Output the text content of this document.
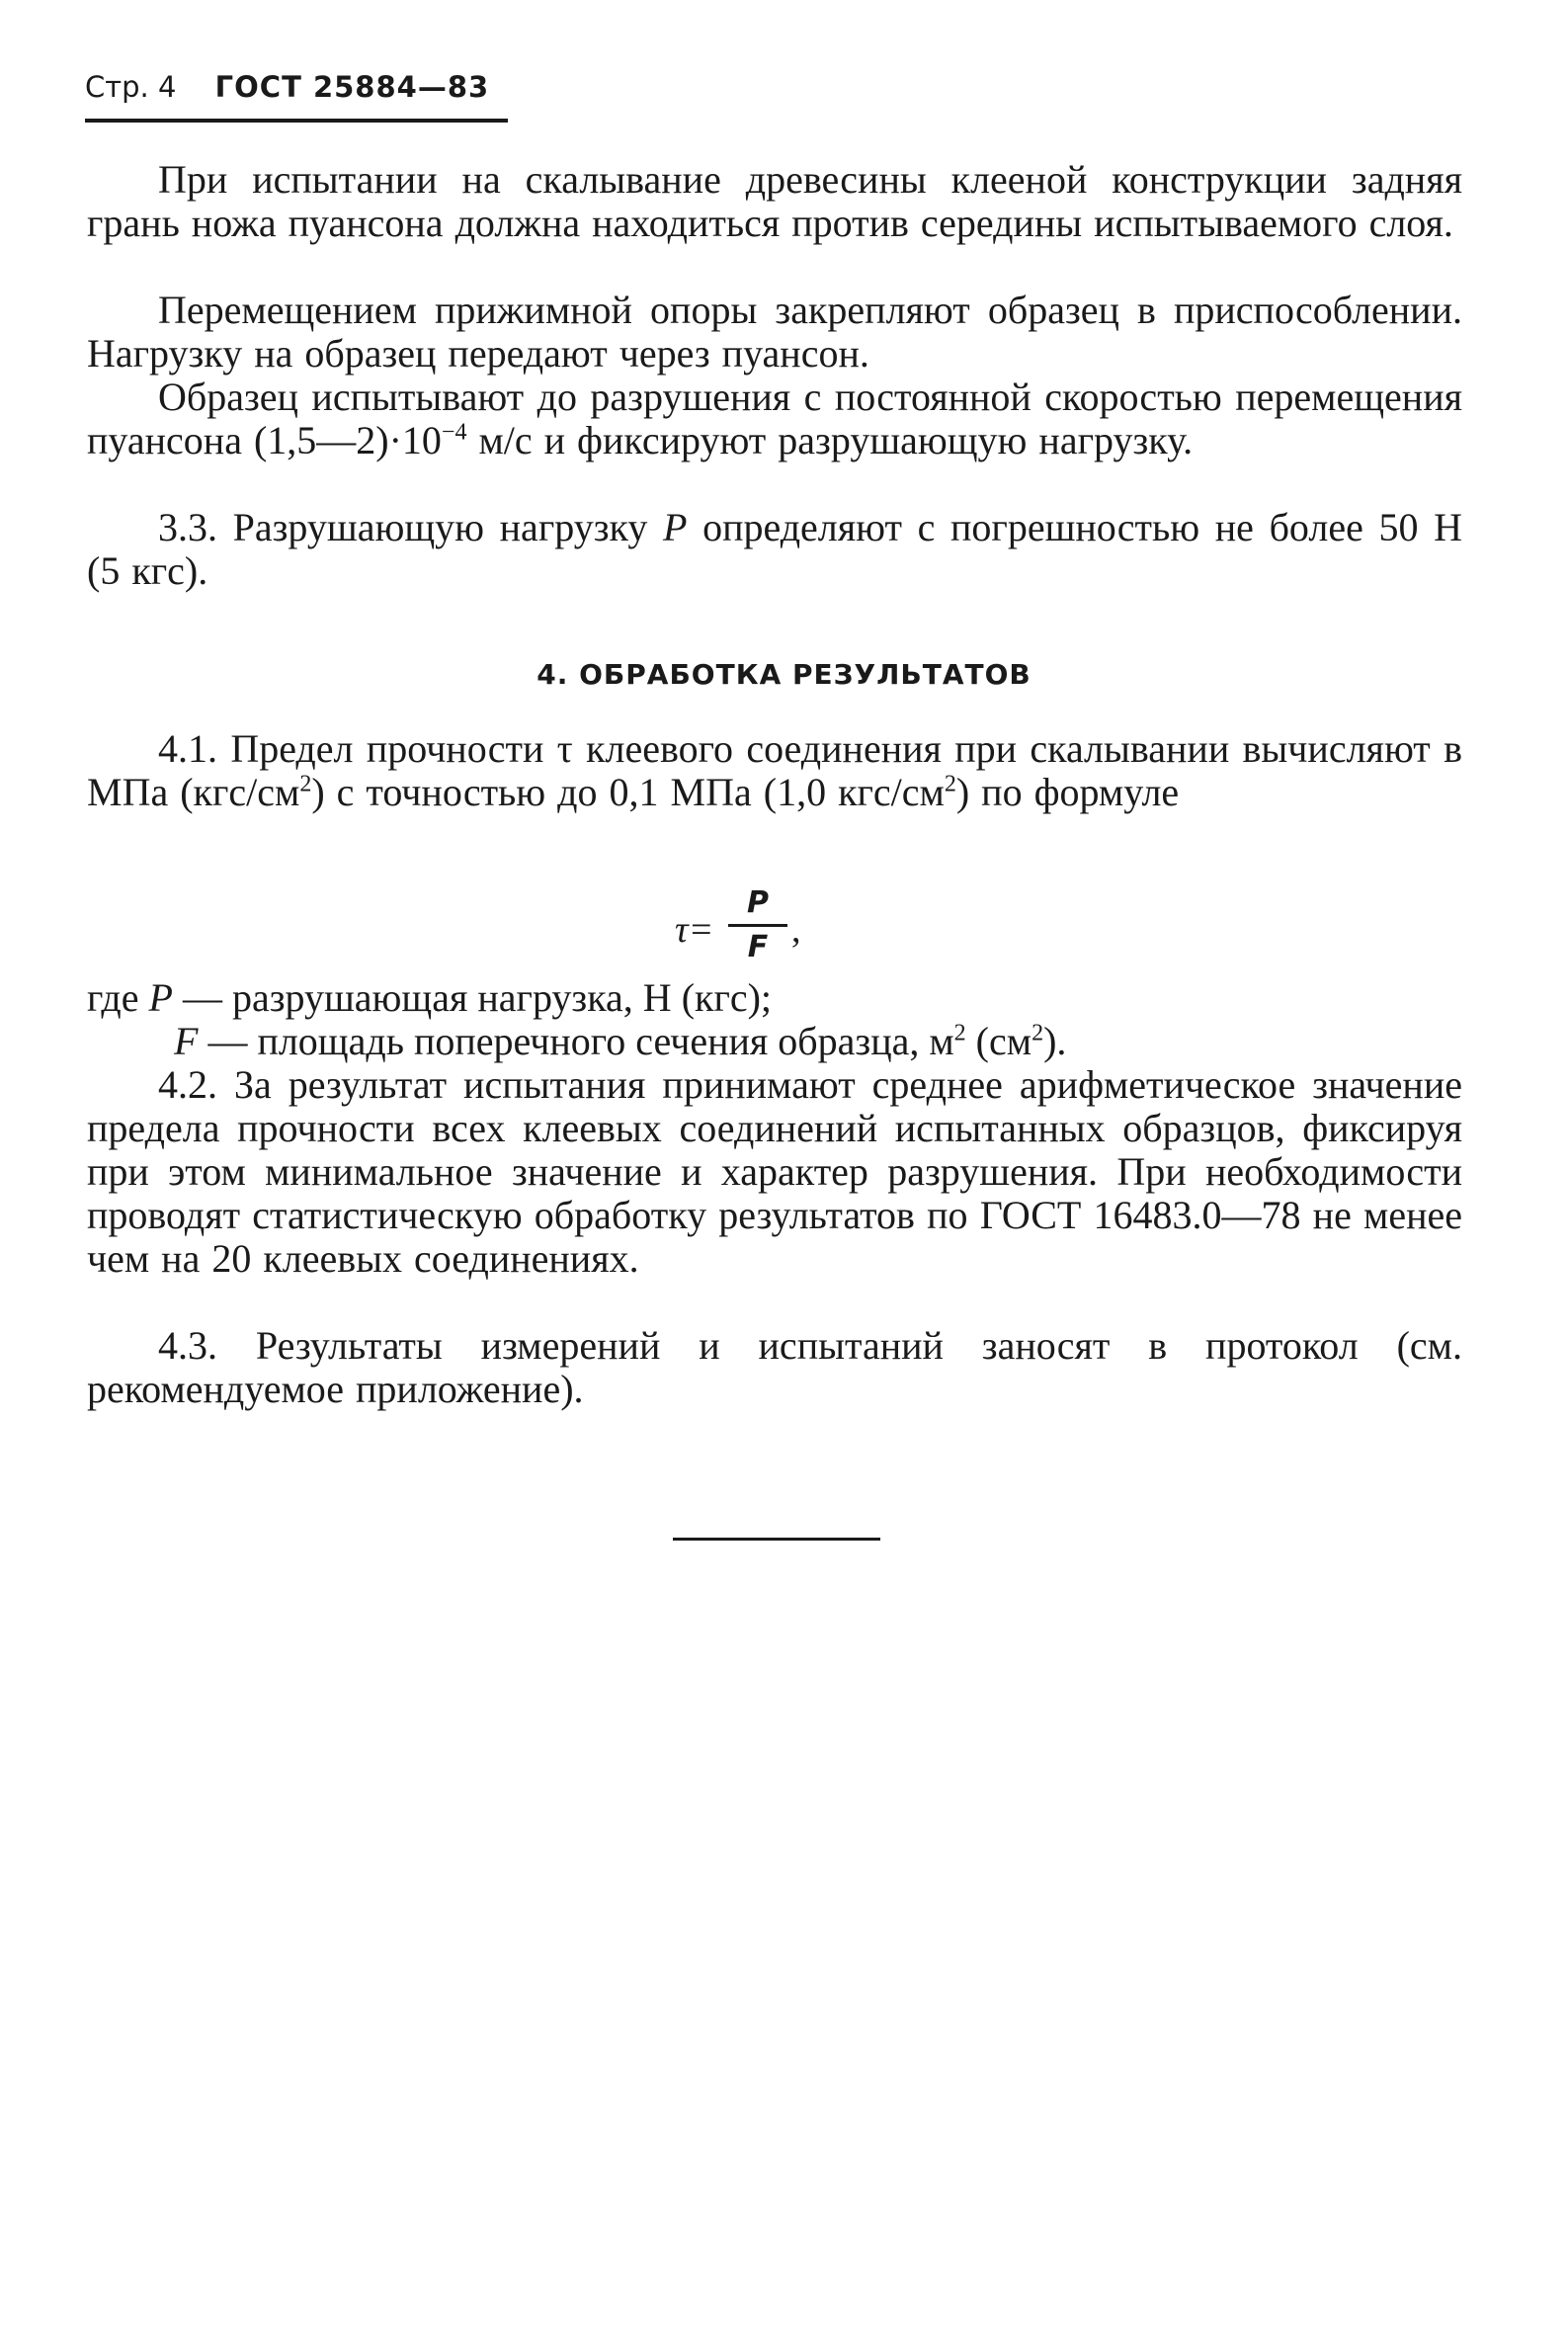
Стр. 4 ГОСТ 25884—83
При испытании на скалывание древесины клееной конструкции задняя грань ножа пуансона должна находиться против середины испытываемого слоя.
Перемещением прижимной опоры закрепляют образец в приспособлении. Нагрузку на образец передают через пуансон.
Образец испытывают до разрушения с постоянной скоростью перемещения пуансона $(1,5—2)\cdot 10^{-4}$ м/с и фиксируют разрушающую нагрузку.
3.3. Разрушающую нагрузку P определяют с погрешностью не более 50 Н (5 кгс).
4. ОБРАБОТКА РЕЗУЛЬТАТОВ
4.1. Предел прочности τ клеевого соединения при скалывании вычисляют в МПа $(кгс/см^2)$ с точностью до 0,1 МПа (1,0 кгс/$см^2$) по формуле
τ=
P
F ,
где P — разрушающая нагрузка, Н (кгс);
F — площадь поперечного сечения образца, $м^2$ $(см^2)$.
4.2. За результат испытания принимают среднее арифметическое значение предела прочности всех клеевых соединений испытанных образцов, фиксируя при этом минимальное значение и характер разрушения. При необходимости проводят статистическую обработку результатов по ГОСТ 16483.0—78 не менее чем на 20 клеевых соединениях.
4.3. Результаты измерений и испытаний заносят в протокол (см. рекомендуемое приложение).
